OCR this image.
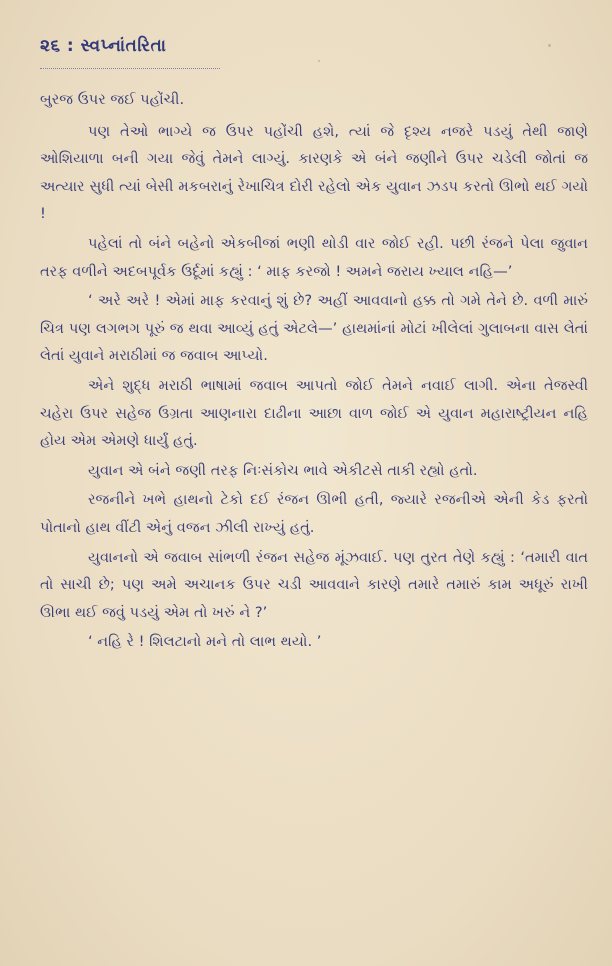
૨૬ : સ્વપ્નાંતરિતા

બુરજ ઉપર જઈ પહોંચી.

પણ તેઓ ભાગ્યે જ ઉપર પહોંચી હશે, ત્યાં જે દૃશ્ય નજરે પડયું તેથી જાણે ઓશિયાળા બની ગયા જેવું તેમને લાગ્યું. કારણકે એ બંને જણીને ઉપર ચડેલી જોતાં જ અત્યાર સુધી ત્યાં બેસી મકબરાનું રેખાચિત્ર દોરી રહેલો એક યુવાન ઝડપ કરતો ઊભો થઈ ગયો !

પહેલાં તો બંને બહેનો એકબીજાં ભણી થોડી વાર જોઈ રહી. પછી રંજને પેલા જુવાન તરફ વળીને અદબપૂર્વક ઉર્દૂમાં કહ્યું : ‘ માફ કરજો ! અમને જરાય ખ્યાલ નહિ—’

‘ અરે અરે ! એમાં માફ કરવાનું શું છે? અહીં આવવાનો હક્ક તો ગમે તેને છે. વળી મારું ચિત્ર પણ લગભગ પૂરું જ થવા આવ્યું હતું એટલે—’ હાથમાંનાં મોટાં ખીલેલાં ગુલાબના વાસ લેતાં લેતાં યુવાને મરાઠીમાં જ જવાબ આપ્યો.

એને શુદ્ધ મરાઠી ભાષામાં જવાબ આપતો જોઈ તેમને નવાઈ લાગી. એના તેજસ્વી ચહેરા ઉપર સહેજ ઉગ્રતા આણનારા દાઢીના આછા વાળ જોઈ એ યુવાન મહારાષ્ટ્રીયન નહિ હોય એમ એમણે ધાર્યું હતું.

યુવાન એ બંને જણી તરફ નિઃસંકોચ ભાવે એકીટસે તાકી રહ્યો હતો.

રજનીને ખભે હાથનો ટેકો દઈ રંજન ઊભી હતી, જ્યારે રજનીએ એની કેડ ફરતો પોતાનો હાથ વીંટી એનું વજન ઝીલી રાખ્યું હતું.

યુવાનનો એ જવાબ સાંભળી રંજન સહેજ મૂંઝવાઈ. પણ તુરત તેણે કહ્યું : ‘તમારી વાત તો સાચી છે; પણ અમે અચાનક ઉપર ચડી આવવાને કારણે તમારે તમારું કામ અધૂરું રાખી ઊભા થઈ જવું પડયું એમ તો ખરું ને ?’

‘ નહિ રે ! શિલટાનો મને તો લાભ થયો. ’
